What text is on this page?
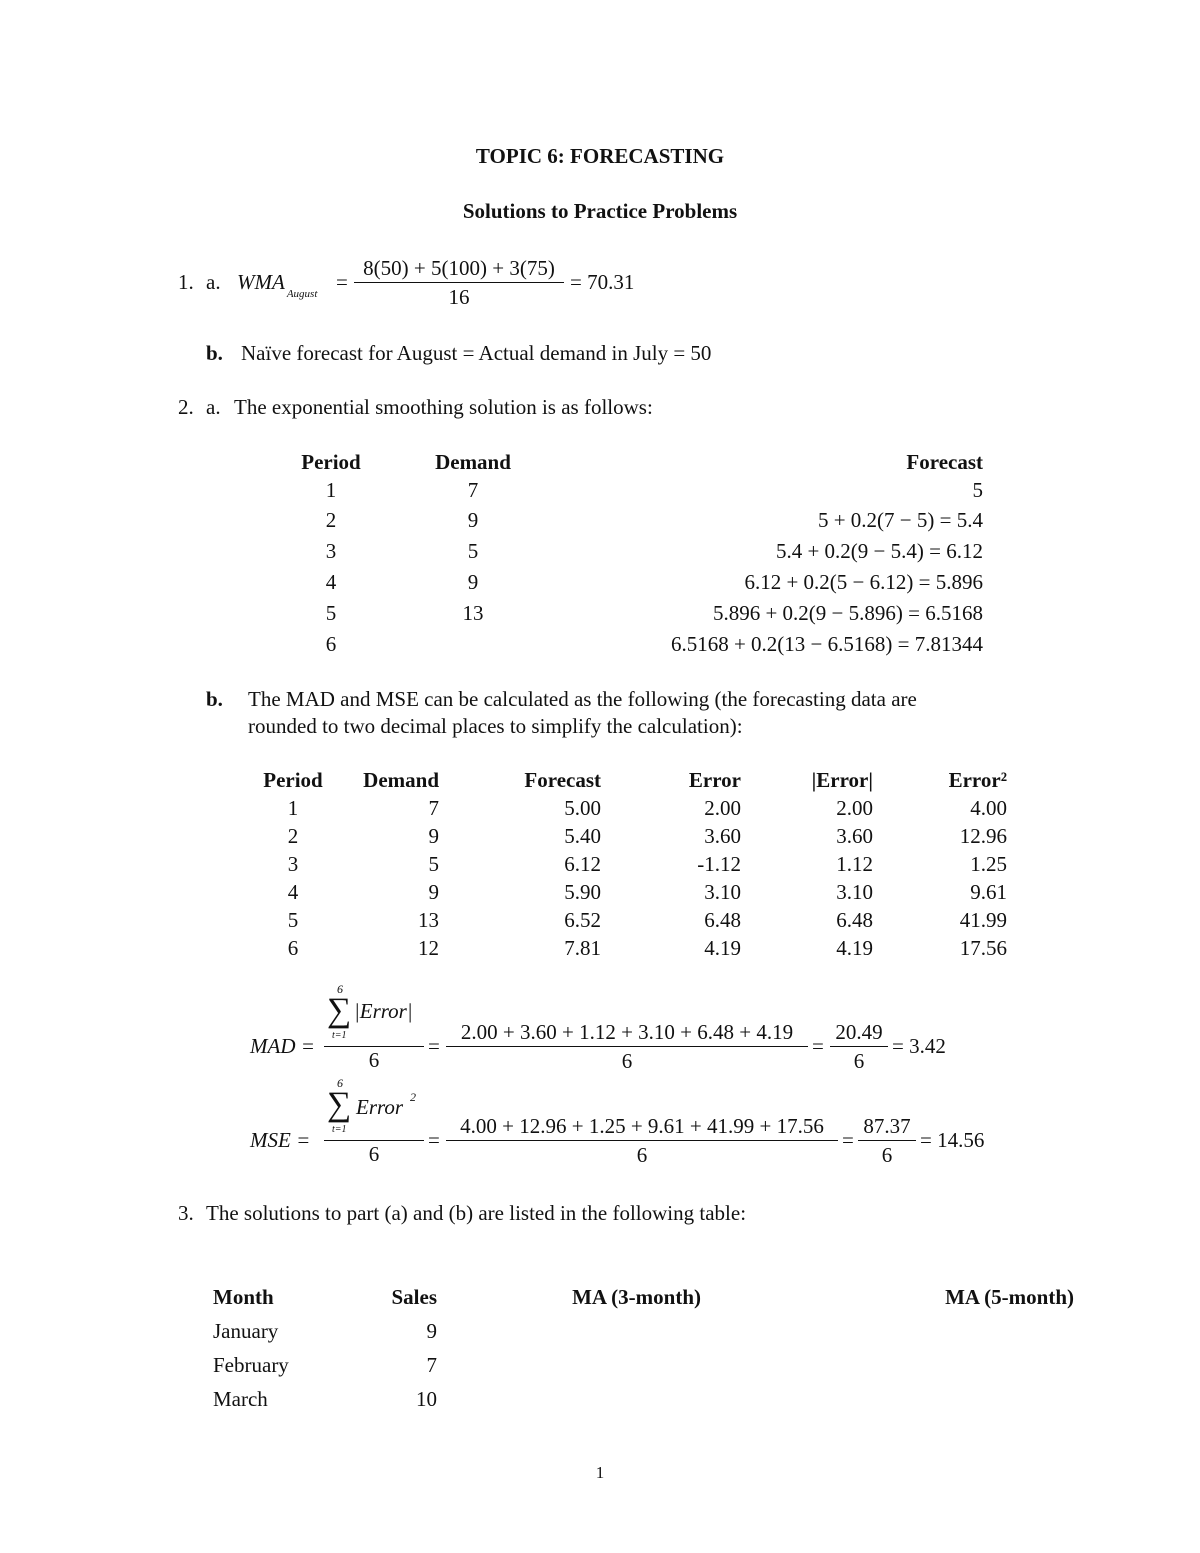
TOPIC 6: FORECASTING
Solutions to Practice Problems
1. a. WMA $_{August}$ =
8(50) + 5(100) + 3(75)
16
= 70.31
b. Naïve forecast for August = Actual demand in July = 50
2. a. The exponential smoothing solution is as follows:
Period	Demand	Forecast
1	7	5
2	9	5 + 0.2(7 − 5) = 5.4
3	5	5.4 + 0.2(9 − 5.4) = 6.12
4	9	6.12 + 0.2(5 − 6.12) = 5.896
5	13	5.896 + 0.2(9 − 5.896) = 6.5168
6		6.5168 + 0.2(13 − 6.5168) = 7.81344
b. The MAD and MSE can be calculated as the following (the forecasting data are
rounded to two decimal places to simplify the calculation):
Period	Demand	Forecast	Error	|Error|	Error²
1	7	5.00	2.00	2.00	4.00
2	9	5.40	3.60	3.60	12.96
3	5	6.12	-1.12	1.12	1.25
4	9	5.90	3.10	3.10	9.61
5	13	6.52	6.48	6.48	41.99
6	12	7.81	4.19	4.19	17.56
MAD =
6
∑
t=1
|Error|
6
=
2.00 + 3.60 + 1.12 + 3.10 + 6.48 + 4.19
6
=
20.49
6
= 3.42
MSE =
6
∑
t=1
Error 2
6
=
4.00 + 12.96 + 1.25 + 9.61 + 41.99 + 17.56
6
=
87.37
6
= 14.56
3. The solutions to part (a) and (b) are listed in the following table:
Month	Sales	MA (3-month)	MA (5-month)
January	9		
February	7		
March	10		
1
